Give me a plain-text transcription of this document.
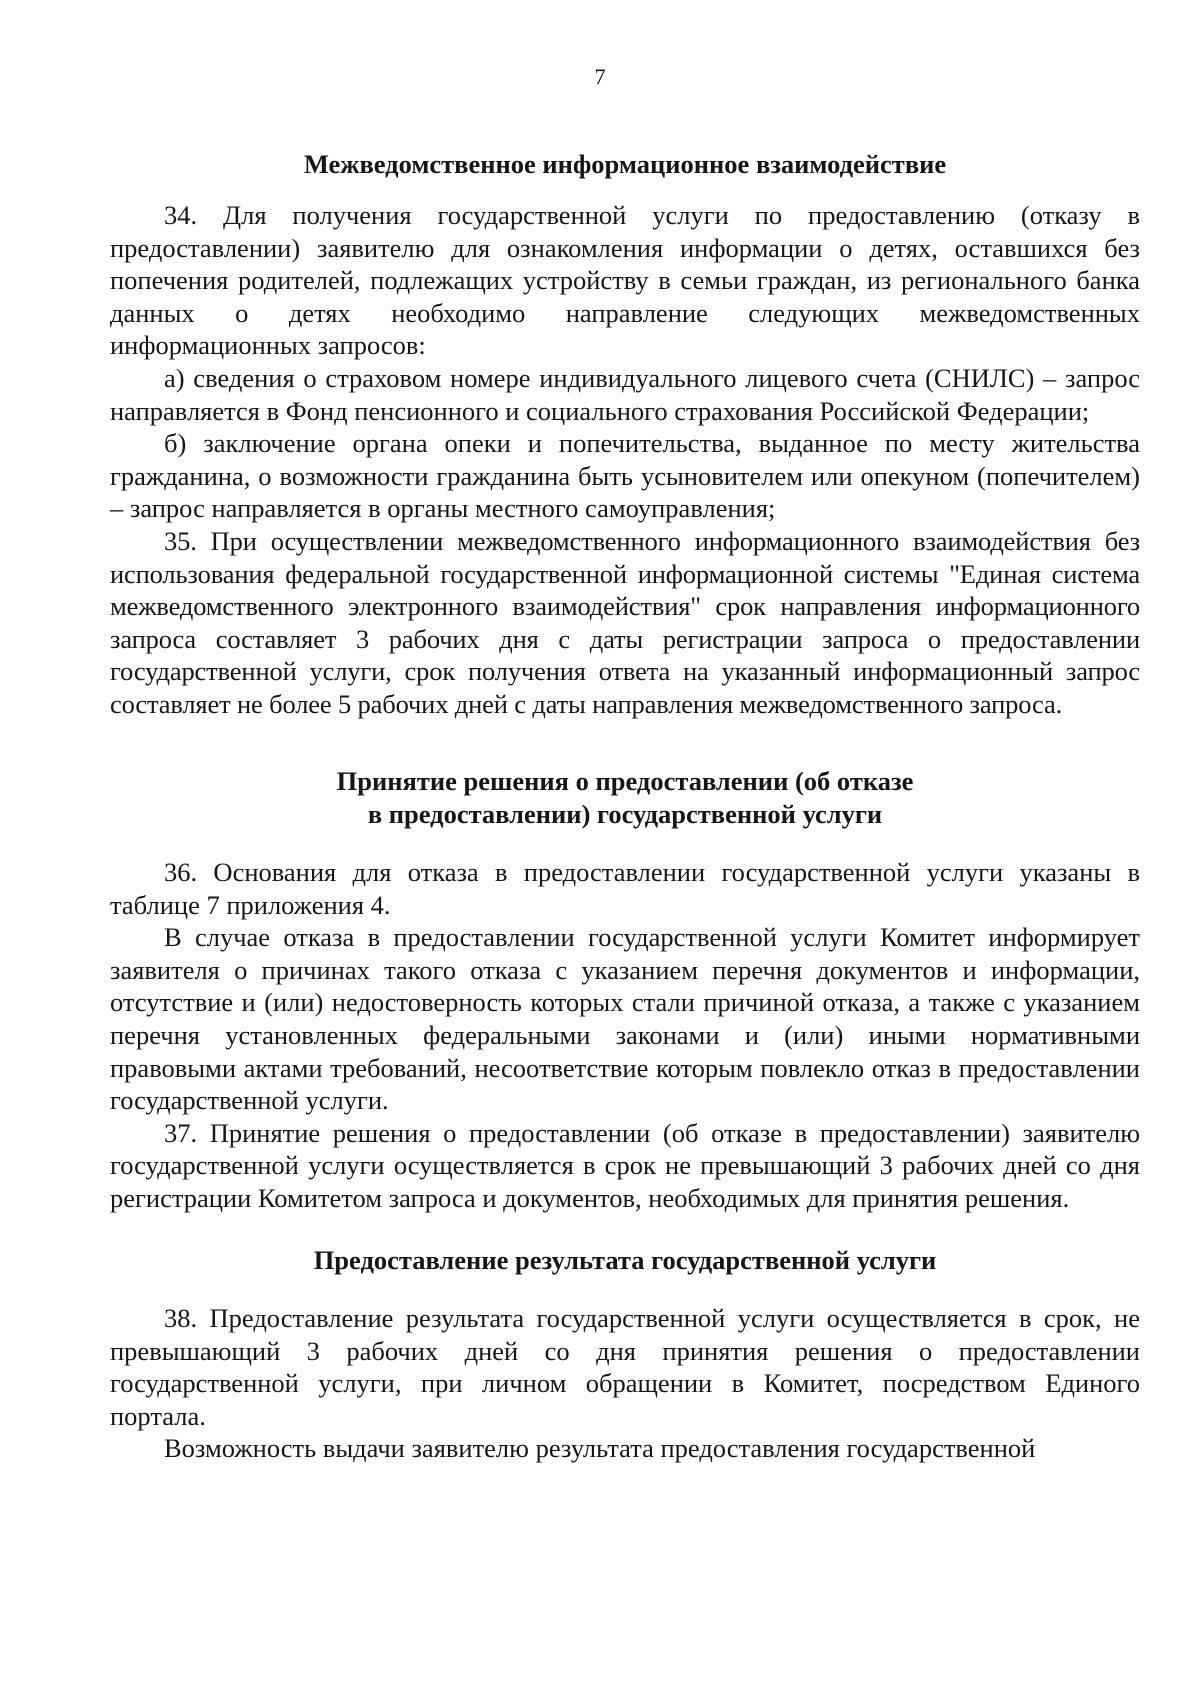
7
Межведомственное информационное взаимодействие

34. Для получения государственной услуги по предоставлению (отказу в предоставлении) заявителю для ознакомления информации о детях, оставшихся без попечения родителей, подлежащих устройству в семьи граждан, из регионального банка данных о детях необходимо направление следующих межведомственных информационных запросов:

а) сведения о страховом номере индивидуального лицевого счета (СНИЛС) – запрос направляется в Фонд пенсионного и социального страхования Российской Федерации;

б) заключение органа опеки и попечительства, выданное по месту жительства гражданина, о возможности гражданина быть усыновителем или опекуном (попечителем) – запрос направляется в органы местного самоуправления;

35. При осуществлении межведомственного информационного взаимодействия без использования федеральной государственной информационной системы "Единая система межведомственного электронного взаимодействия" срок направления информационного запроса составляет 3 рабочих дня с даты регистрации запроса о предоставлении государственной услуги, срок получения ответа на указанный информационный запрос составляет не более 5 рабочих дней с даты направления межведомственного запроса.

Принятие решения о предоставлении (об отказе
в предоставлении) государственной услуги

36. Основания для отказа в предоставлении государственной услуги указаны в таблице 7 приложения 4.

В случае отказа в предоставлении государственной услуги Комитет информирует заявителя о причинах такого отказа с указанием перечня документов и информации, отсутствие и (или) недостоверность которых стали причиной отказа, а также с указанием перечня установленных федеральными законами и (или) иными нормативными правовыми актами требований, несоответствие которым повлекло отказ в предоставлении государственной услуги.

37. Принятие решения о предоставлении (об отказе в предоставлении) заявителю государственной услуги осуществляется в срок не превышающий 3 рабочих дней со дня регистрации Комитетом запроса и документов, необходимых для принятия решения.

Предоставление результата государственной услуги

38. Предоставление результата государственной услуги осуществляется в срок, не превышающий 3 рабочих дней со дня принятия решения о предоставлении государственной услуги, при личном обращении в Комитет, посредством Единого портала.

Возможность выдачи заявителю результата предоставления государственной
